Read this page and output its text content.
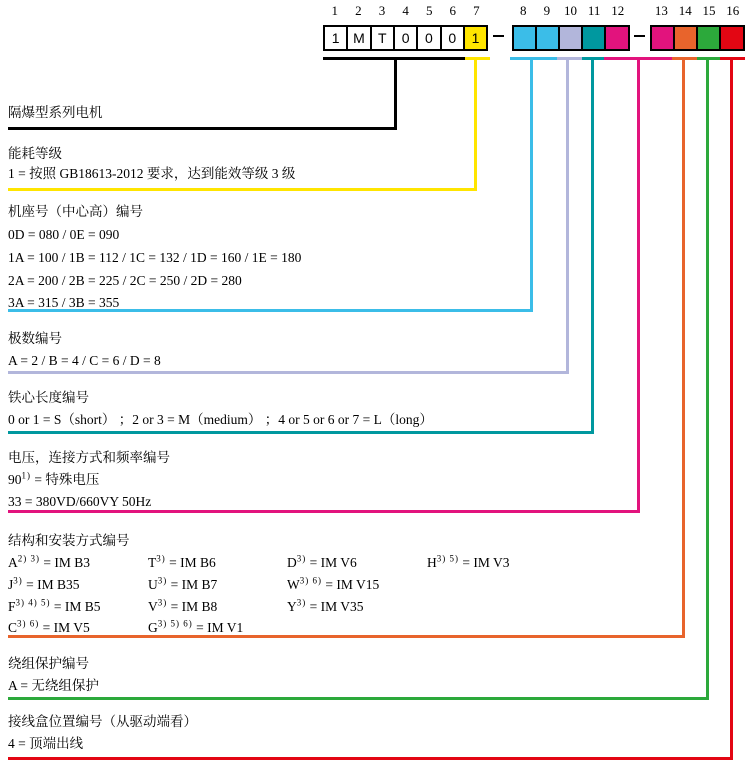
1 2 3 4 5 6 7	8 9 10 11 12 13 14 15 16
1 M T	0	0	0	1
隔爆型系列电机
能耗等级
1 = 按照 GB18613-2012 要求，达到能效等级 3 级
机座号（中心高）编号
0D = 080 / 0E = 090
1A = 100 / 1B = 112 / 1C = 132 / 1D = 160 / 1E = 180
2A = 200 / 2B = 225 / 2C = 250 / 2D = 280
3A = 315 / 3B = 355
极数编号
A = 2 / B = 4 / C = 6 / D = 8
铁心长度编号
0 or 1 = S（short） ；2 or 3 = M（medium） ；4 or 5 or 6 or 7 = L（long）
电压，连接方式和频率编号
$90^{1)}$ = 特殊电压
33 = 380VD/660VY 50Hz
结构和安装方式编号
$A^{2) 3)}$ = IM B3	$T^{3)}$ = IM B6	$D^{3)}$ = IM V6	$H^{3) 5)}$ = IM V3
$J^{3)}$ = IM B35	$U^{3)}$ = IM B7	$W^{3) 6)}$ = IM V15
$F^{3) 4) 5)}$ = IM B5	$V^{3)}$ = IM B8	$Y^{3)}$ = IM V35
$C^{3) 6)}$ = IM V5	$G^{3) 5) 6)}$ = IM V1
绕组保护编号
A = 无绕组保护
接线盒位置编号（从驱动端看）
4 = 顶端出线
